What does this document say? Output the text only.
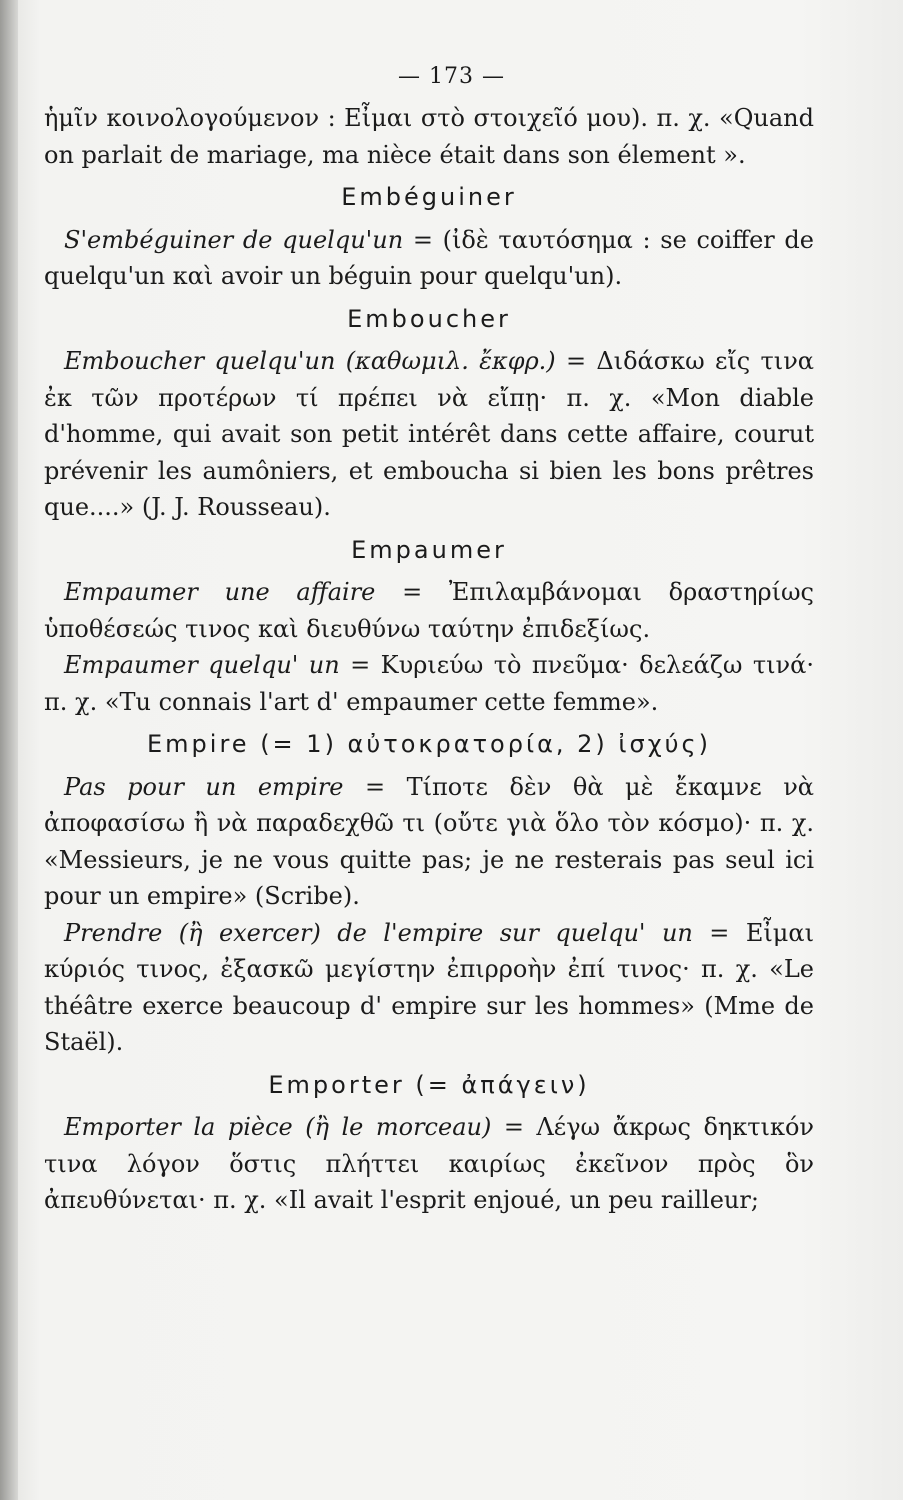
— 173 —

ἡμῖν κοινολογούμενον : Εἶμαι στὸ στοιχεῖό μου). π. χ. «Quand on parlait de mariage, ma nièce était dans son élement ».

Embéguiner

S'embéguiner de quelqu'un = (ἰδὲ ταυτόσημα : se coiffer de quelqu'un καὶ avoir un béguin pour quelqu'un).

Emboucher

Emboucher quelqu'un (καθωμιλ. ἔκφρ.) = Διδάσκω εἴς τινα ἐκ τῶν προτέρων τί πρέπει νὰ εἴπῃ· π. χ. «Mon diable d'homme, qui avait son petit intérêt dans cette affaire, courut prévenir les aumôniers, et emboucha si bien les bons prêtres que....» (J. J. Rousseau).

Empaumer

Empaumer une affaire = Ἐπιλαμβάνομαι δραστηρίως ὑποθέσεώς τινος καὶ διευθύνω ταύτην ἐπιδεξίως.

Empaumer quelqu' un = Κυριεύω τὸ πνεῦμα· δελεάζω τινά· π. χ. «Tu connais l'art d' empaumer cette femme».

Empire (= 1) αὐτοκρατορία, 2) ἰσχύς)

Pas pour un empire = Τίποτε δὲν θὰ μὲ ἔκαμνε νὰ ἀποφασίσω ἢ νὰ παραδεχθῶ τι (οὔτε γιὰ ὅλο τὸν κόσμο)· π. χ. «Messieurs, je ne vous quitte pas; je ne resterais pas seul ici pour un empire» (Scribe).

Prendre (ἢ exercer) de l'empire sur quelqu' un = Εἶμαι κύριός τινος, ἐξασκῶ μεγίστην ἐπιρροὴν ἐπί τινος· π. χ. «Le théâtre exerce beaucoup d' empire sur les hommes» (Mme de Staël).

Emporter (= ἀπάγειν)

Emporter la pièce (ἢ le morceau) = Λέγω ἄκρως δηκτικόν τινα λόγον ὅστις πλήττει καιρίως ἐκεῖνον πρὸς ὃν ἀπευθύνεται· π. χ. «Il avait l'esprit enjoué, un peu railleur;
